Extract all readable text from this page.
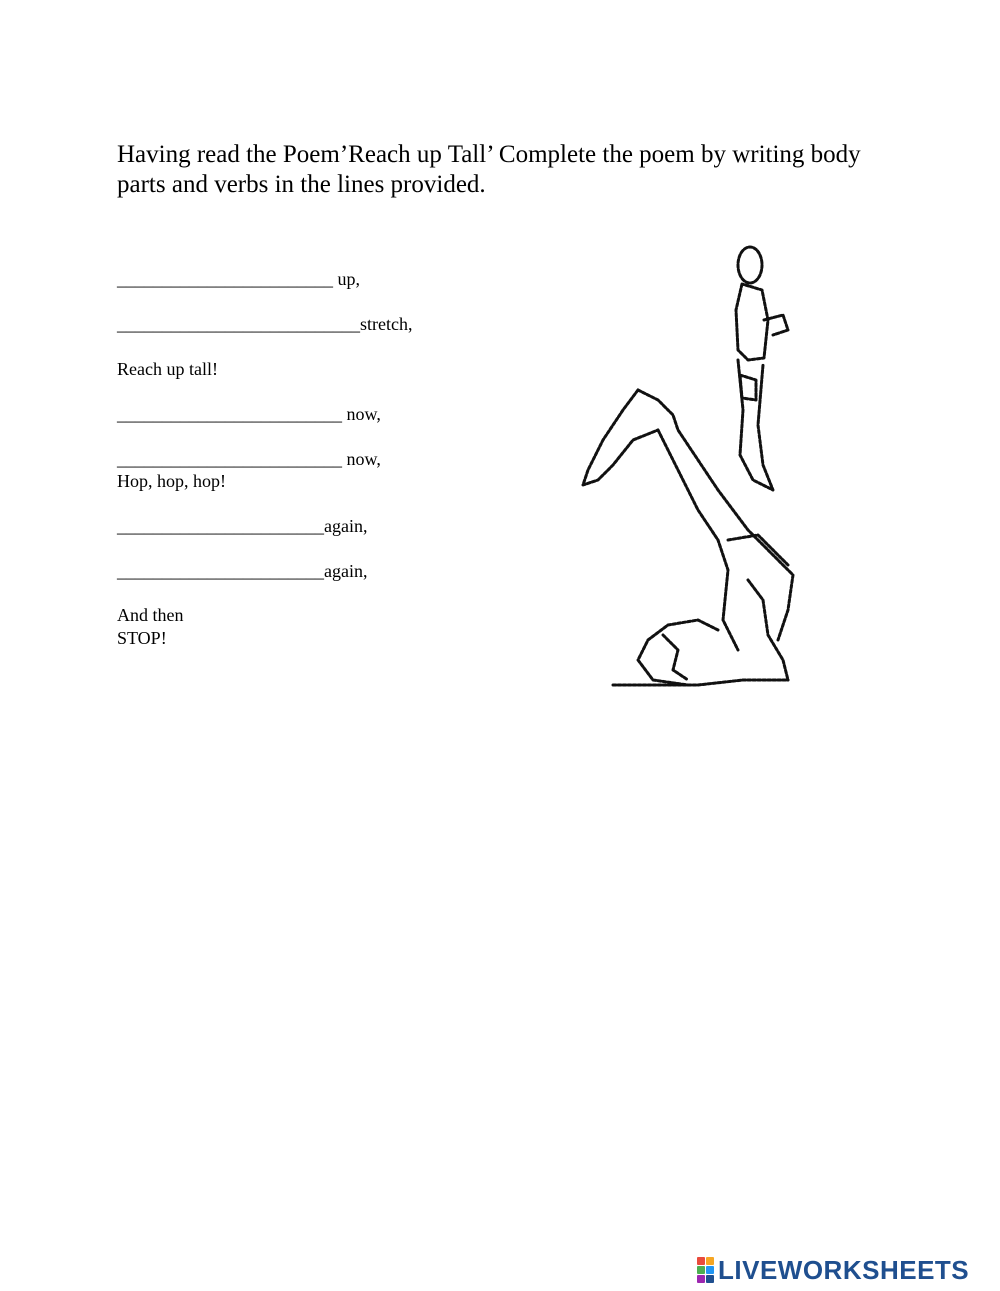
Having read the Poem’Reach up Tall’ Complete the poem by writing body parts and verbs in the lines provided.
________________________ up,
___________________________stretch,
Reach up tall!
_________________________ now,
_________________________ now,
Hop, hop, hop!
_______________________again,
_______________________again,
And then
STOP!
LIVEWORKSHEETS
